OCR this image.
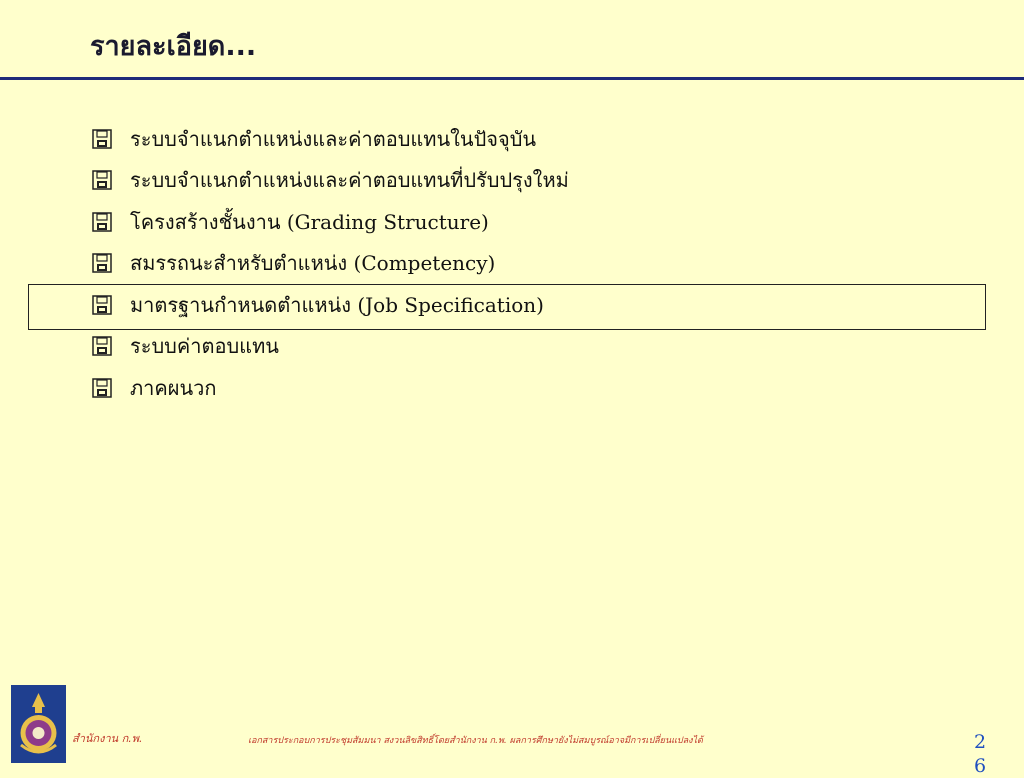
รายละเอียด...
ระบบจำแนกตำแหน่งและค่าตอบแทนในปัจจุบัน
ระบบจำแนกตำแหน่งและค่าตอบแทนที่ปรับปรุงใหม่
โครงสร้างชั้นงาน (Grading Structure)
สมรรถนะสำหรับตำแหน่ง (Competency)
มาตรฐานกำหนดตำแหน่ง (Job Specification)
ระบบค่าตอบแทน
ภาคผนวก
สำนักงาน ก.พ.	เอกสารประกอบการประชุมสัมมนา สงวนลิขสิทธิ์โดยสำนักงาน ก.พ. ผลการศึกษายังไม่สมบูรณ์อาจมีการเปลี่ยนแปลงได้	26
